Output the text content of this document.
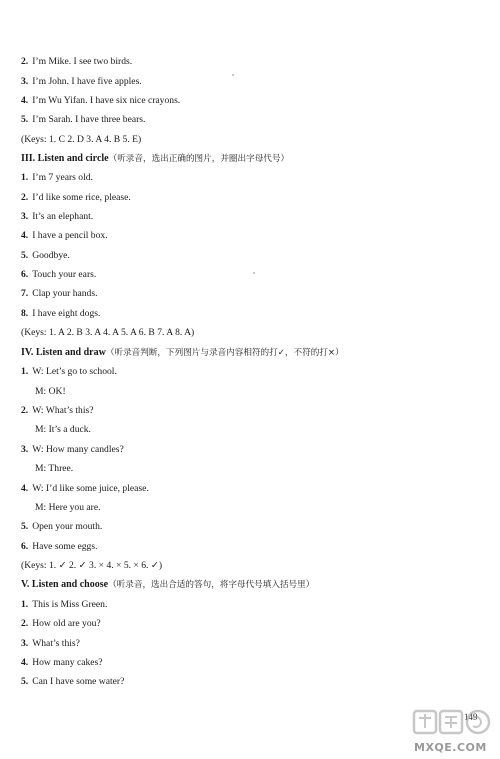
2. I’m Mike. I see two birds.
3. I’m John. I have five apples.
4. I’m Wu Yifan. I have six nice crayons.
5. I’m Sarah. I have three bears.
(Keys: 1. C 2. D 3. A 4. B 5. E)
III. Listen and circle（听录音，选出正确的图片，并圈出字母代号）
1. I’m 7 years old.
2. I’d like some rice, please.
3. It’s an elephant.
4. I have a pencil box.
5. Goodbye.
6. Touch your ears.
7. Clap your hands.
8. I have eight dogs.
(Keys: 1. A 2. B 3. A 4. A 5. A 6. B 7. A 8. A)
IV. Listen and draw（听录音判断，下列图片与录音内容相符的打✓，不符的打×）
1. W: Let’s go to school.
M: OK!
2. W: What’s this?
M: It’s a duck.
3. W: How many candles?
M: Three.
4. W: I’d like some juice, please.
M: Here you are.
5. Open your mouth.
6. Have some eggs.
(Keys: 1. ✓ 2. ✓ 3. × 4. × 5. × 6. ✓)
V. Listen and choose（听录音，选出合适的答句，将字母代号填入括号里）
1. This is Miss Green.
2. How old are you?
3. What’s this?
4. How many cakes?
5. Can I have some water?
149
MXQE.COM
